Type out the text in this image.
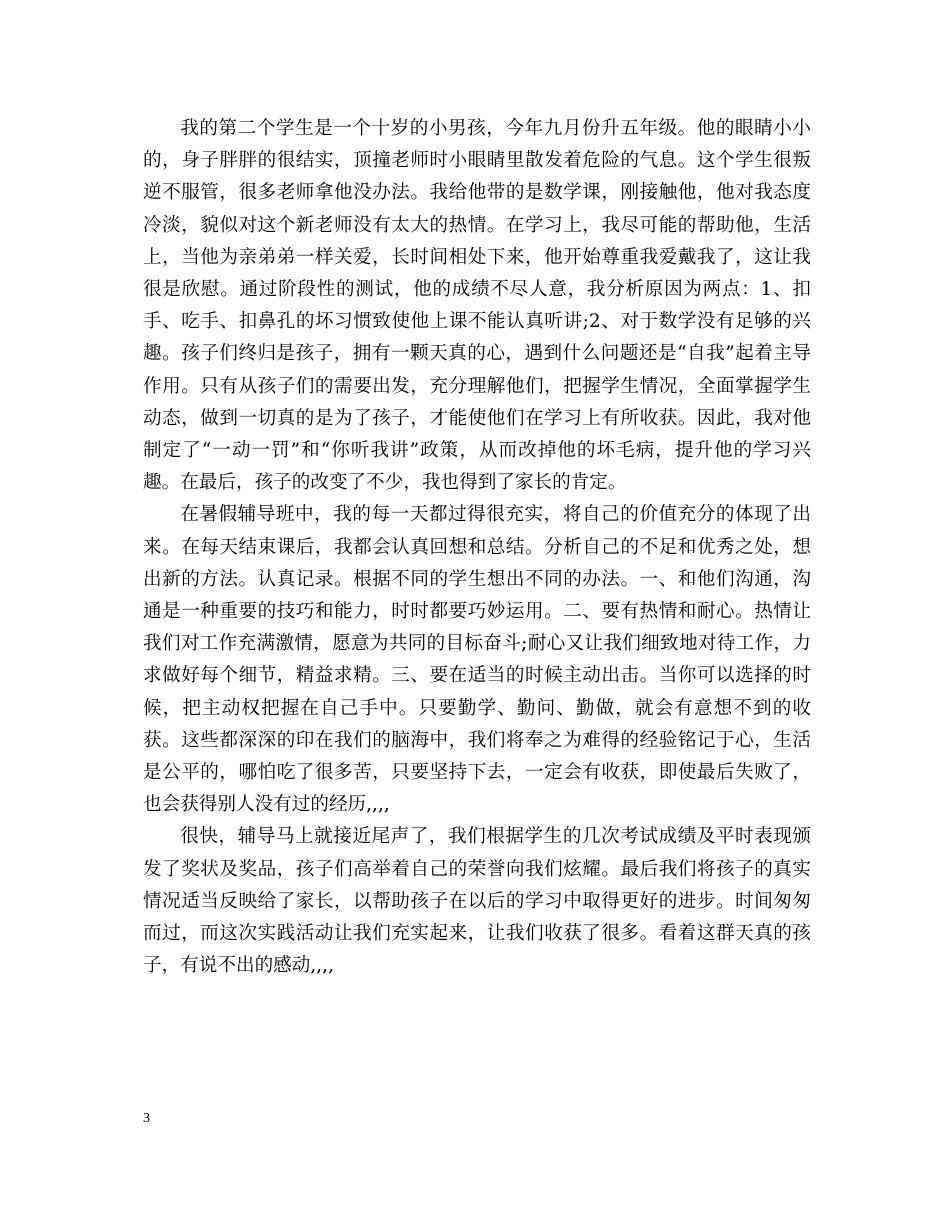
我的第二个学生是一个十岁的小男孩，今年九月份升五年级。他的眼睛小小的，身子胖胖的很结实，顶撞老师时小眼睛里散发着危险的气息。这个学生很叛逆不服管，很多老师拿他没办法。我给他带的是数学课，刚接触他，他对我态度冷淡，貌似对这个新老师没有太大的热情。在学习上，我尽可能的帮助他，生活上，当他为亲弟弟一样关爱，长时间相处下来，他开始尊重我爱戴我了，这让我很是欣慰。通过阶段性的测试，他的成绩不尽人意，我分析原因为两点：1、扣手、吃手、扣鼻孔的坏习惯致使他上课不能认真听讲;2、对于数学没有足够的兴趣。孩子们终归是孩子，拥有一颗天真的心，遇到什么问题还是“自我”起着主导作用。只有从孩子们的需要出发，充分理解他们，把握学生情况，全面掌握学生动态，做到一切真的是为了孩子，才能使他们在学习上有所收获。因此，我对他制定了“一动一罚”和“你听我讲”政策，从而改掉他的坏毛病，提升他的学习兴趣。在最后，孩子的改变了不少，我也得到了家长的肯定。

在暑假辅导班中，我的每一天都过得很充实，将自己的价值充分的体现了出来。在每天结束课后，我都会认真回想和总结。分析自己的不足和优秀之处，想出新的方法。认真记录。根据不同的学生想出不同的办法。一、和他们沟通，沟通是一种重要的技巧和能力，时时都要巧妙运用。二、要有热情和耐心。热情让我们对工作充满激情，愿意为共同的目标奋斗;耐心又让我们细致地对待工作，力求做好每个细节，精益求精。三、要在适当的时候主动出击。当你可以选择的时候，把主动权把握在自己手中。只要勤学、勤问、勤做，就会有意想不到的收获。这些都深深的印在我们的脑海中，我们将奉之为难得的经验铭记于心，生活是公平的，哪怕吃了很多苦，只要坚持下去，一定会有收获，即使最后失败了，也会获得别人没有过的经历,,,,

很快，辅导马上就接近尾声了，我们根据学生的几次考试成绩及平时表现颁发了奖状及奖品，孩子们高举着自己的荣誉向我们炫耀。最后我们将孩子的真实情况适当反映给了家长，以帮助孩子在以后的学习中取得更好的进步。时间匆匆而过，而这次实践活动让我们充实起来，让我们收获了很多。看着这群天真的孩子，有说不出的感动,,,,

3
